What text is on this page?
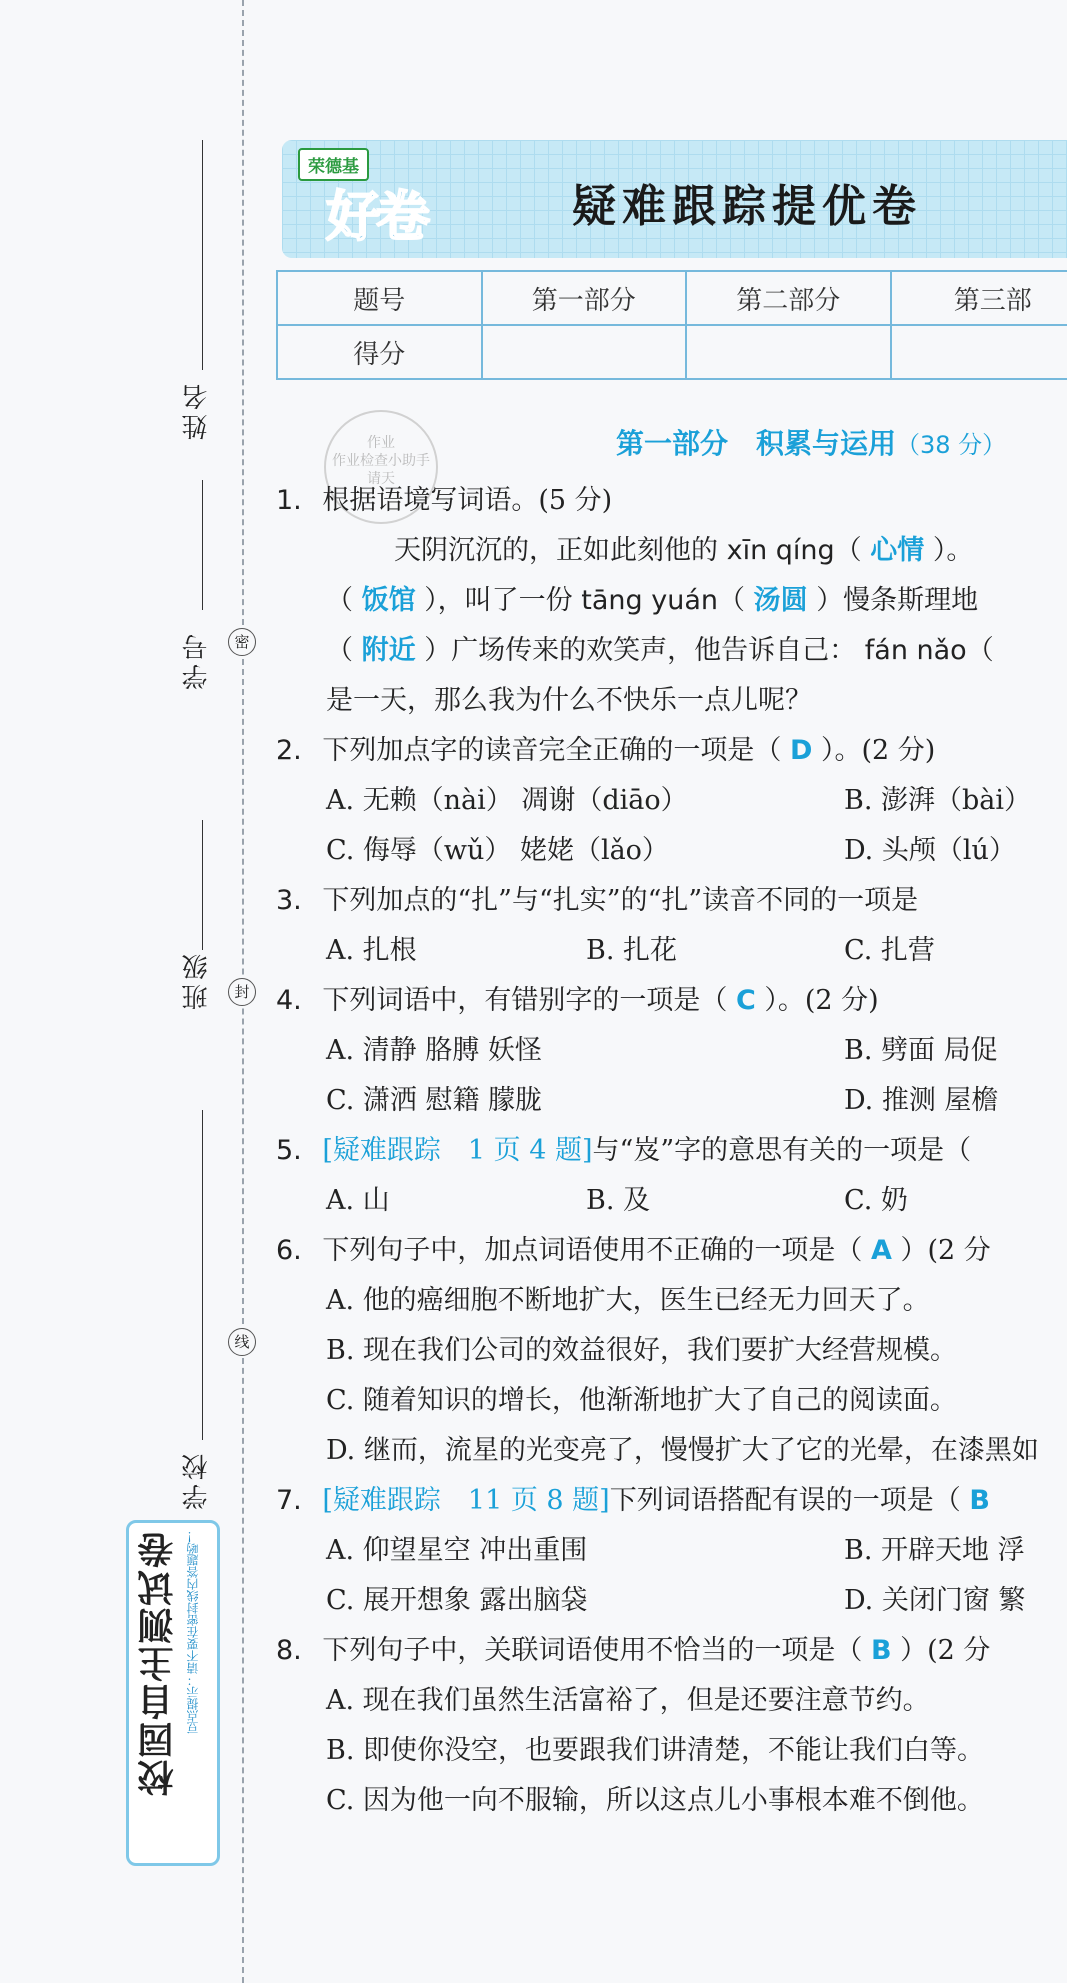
姓名
学号
班级
学校
密
封
线
校园自主测试卷 豆点提示：请不要在密封线内答题哟！
荣德基
好卷	疑难跟踪提优卷
题号	第一部分	第二部分	第三部
得分			
作业
作业检查小助手
请天
第一部分　积累与运用（38 分）
1. 根据语境写词语。(5 分)
天阴沉沉的，正如此刻他的 xīn qíng（ 心情 ）。
（ 饭馆 ），叫了一份 tāng yuán（ 汤圆 ）慢条斯理地
（ 附近 ）广场传来的欢笑声，他告诉自己： fán nǎo（
是一天，那么我为什么不快乐一点儿呢？
2. 下列加点字的读音完全正确的一项是（ D ）。(2 分)
A. 无赖（nài） 凋谢（diāo）	B. 澎湃（bài）
C. 侮辱（wǔ） 姥姥（lǎo）	D. 头颅（lú）
3. 下列加点的“扎”与“扎实”的“扎”读音不同的一项是
A. 扎根	B. 扎花	C. 扎营
4. 下列词语中，有错别字的一项是（ C ）。(2 分)
A. 清静 胳膊 妖怪	B. 劈面 局促
C. 潇洒 慰籍 朦胧	D. 推测 屋檐
5. [疑难跟踪　1 页 4 题]与“岌”字的意思有关的一项是（
A. 山	B. 及	C. 奶
6. 下列句子中，加点词语使用不正确的一项是（ A ）(2 分
A. 他的癌细胞不断地扩大，医生已经无力回天了。
B. 现在我们公司的效益很好，我们要扩大经营规模。
C. 随着知识的增长，他渐渐地扩大了自己的阅读面。
D. 继而，流星的光变亮了，慢慢扩大了它的光晕，在漆黑如
7. [疑难跟踪　11 页 8 题]下列词语搭配有误的一项是（ B
A. 仰望星空 冲出重围	B. 开辟天地 浮
C. 展开想象 露出脑袋	D. 关闭门窗 繁
8. 下列句子中，关联词语使用不恰当的一项是（ B ）(2 分
A. 现在我们虽然生活富裕了，但是还要注意节约。
B. 即使你没空，也要跟我们讲清楚，不能让我们白等。
C. 因为他一向不服输，所以这点儿小事根本难不倒他。
